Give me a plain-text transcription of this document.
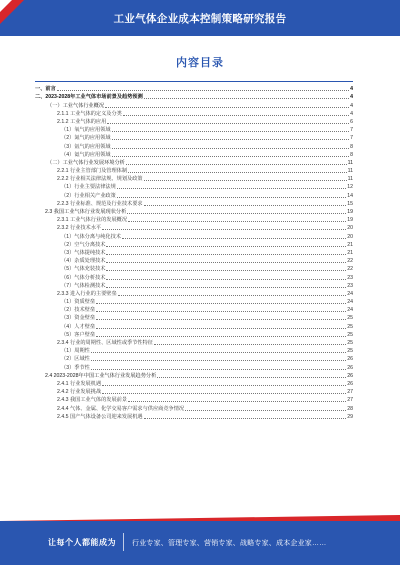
工业气体企业成本控制策略研究报告
内容目录
一、前言	4
二、2023-2028年工业气体市场前景及趋势预测	4
（一）工业气体行业概况	4
2.1.1 工业气体的定义及分类	4
2.1.2 工业气体的应用	6
（1）氧气的应用领域	7
（2）氮气的应用领域	7
（3）氩气的应用领域	8
（4）氦气的应用领域	8
（二）工业气体行业发展环境分析	11
2.2.1 行业主管部门及管理体制	11
2.2.2 行业相关法律法规、规划及政策	11
（1）行业主要法律法规	12
（2）行业相关产业政策	14
2.2.3 行业标准、规范及行业技术要求	15
2.3 我国工业气体行业发展现状分析	19
2.3.1 工业气体行业的发展概况	19
2.3.2 行业技术水平	20
（1）气体分离与纯化技术	20
（2）空气分离技术	21
（3）气体提纯技术	21
（4）杂质处理技术	22
（5）气体充装技术	22
（6）气体分析技术	23
（7）气体检测技术	23
2.3.3 进入行业的主要壁垒	24
（1）资质壁垒	24
（2）技术壁垒	24
（3）资金壁垒	25
（4）人才壁垒	25
（5）客户壁垒	25
2.3.4 行业的周期性、区域性或季节性特征	25
（1）周期性	25
（2）区域性	26
（3）季节性	26
2.4 2023-2028年中国工业气体行业发展趋势分析	26
2.4.1 行业发展机遇	26
2.4.2 行业发展挑战	27
2.4.3 我国工业气体的发展前景	27
2.4.4 气体、金属、化学交易客户需求与供应商竞争情况	28
2.4.5 国产气体设备公司迎来发展机遇	29
让每个人都能成为 行业专家、管理专家、营销专家、战略专家、成本企业家……
